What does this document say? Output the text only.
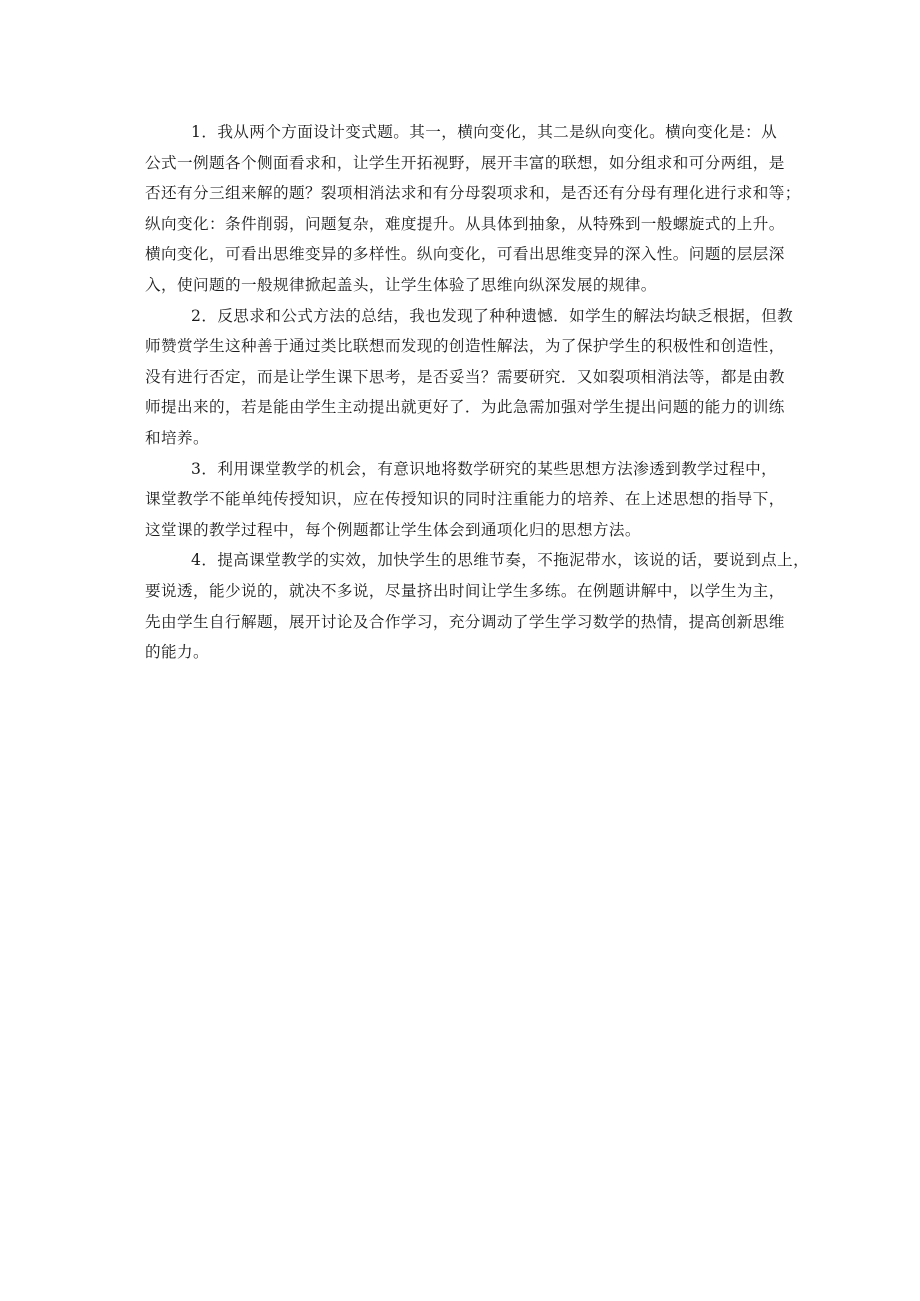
1．我从两个方面设计变式题。其一，横向变化，其二是纵向变化。横向变化是：从
公式一例题各个侧面看求和，让学生开拓视野，展开丰富的联想，如分组求和可分两组，是
否还有分三组来解的题？裂项相消法求和有分母裂项求和，是否还有分母有理化进行求和等；
纵向变化：条件削弱，问题复杂，难度提升。从具体到抽象，从特殊到一般螺旋式的上升。
横向变化，可看出思维变异的多样性。纵向变化，可看出思维变异的深入性。问题的层层深
入，使问题的一般规律掀起盖头，让学生体验了思维向纵深发展的规律。
2．反思求和公式方法的总结，我也发现了种种遗憾．如学生的解法均缺乏根据，但教
师赞赏学生这种善于通过类比联想而发现的创造性解法，为了保护学生的积极性和创造性，
没有进行否定，而是让学生课下思考，是否妥当？需要研究．又如裂项相消法等，都是由教
师提出来的，若是能由学生主动提出就更好了．为此急需加强对学生提出问题的能力的训练
和培养。
3．利用课堂教学的机会，有意识地将数学研究的某些思想方法渗透到教学过程中，
课堂教学不能单纯传授知识，应在传授知识的同时注重能力的培养、在上述思想的指导下，
这堂课的教学过程中，每个例题都让学生体会到通项化归的思想方法。
4．提高课堂教学的实效，加快学生的思维节奏，不拖泥带水，该说的话，要说到点上，
要说透，能少说的，就决不多说，尽量挤出时间让学生多练。在例题讲解中，以学生为主，
先由学生自行解题，展开讨论及合作学习，充分调动了学生学习数学的热情，提高创新思维
的能力。
